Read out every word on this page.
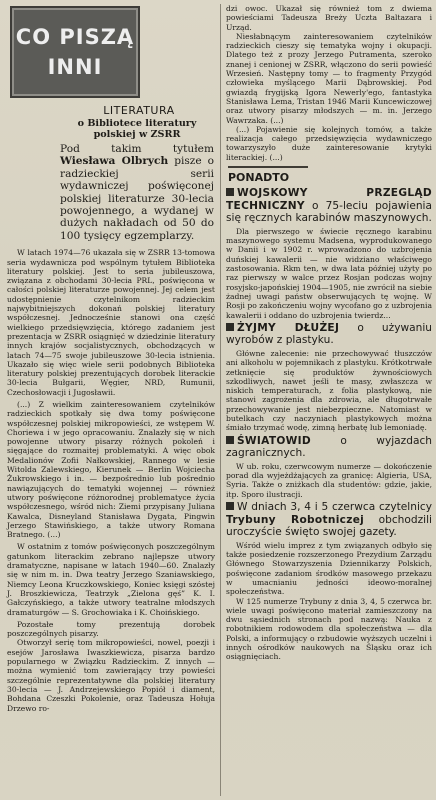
CO PISZĄ
INNI
LITERATURA
o Bibliotece literatury polskiej w ZSRR
Pod takim tytułem Wiesława Olbrych pisze o radzieckiej serii wydawniczej poświęconej polskiej literaturze 30-lecia powojennego, a wydanej w dużych nakładach od 50 do 100 tysięcy egzemplarzy.

W latach 1974—76 ukazała się w ZSRR 13-tomowa seria wydawnicza pod wspólnym tytułem Biblioteka literatury polskiej. Jest to seria jubileuszowa, związana z obchodami 30-lecia PRL, poświęcona w całości polskiej literaturze powojennej. Jej celem jest udostępnienie czytelnikom radzieckim najwybitniejszych dokonań polskiej literatury współczesnej. Jednocześnie stanowi ona część wielkiego przedsięwzięcia, którego zadaniem jest prezentacja w ZSRR osiągnięć w dziedzinie literatury innych krajów socjalistycznych, obchodzących w latach 74—75 swoje jubileuszowe 30-lecia istnienia. Ukazało się więc wiele serii podobnych Biblioteka literatury polskiej prezentujących dorobek literackie 30-lecia Bułgarii, Węgier, NRD, Rumunii, Czechosłowacji i Jugosławii.

(...) Z wielkim zainteresowaniem czytelników radzieckich spotkały się dwa tomy poświęcone współczesnej polskiej mikropowieści, ze wstępem W. Choriewa i w jego opracowaniu. Znalazły się w nich powojenne utwory pisarzy różnych pokoleń i sięgające do rozmaitej problematyki. A więc obok Medalionów Zofii Nałkowskiej, Rannego w lesie Witolda Zalewskiego, Kierunek — Berlin Wojciecha Żukrowskiego i in. — bezpośrednio lub pośrednio nawiązujących do tematyki wojennej — również utwory poświęcone różnorodnej problematyce życia współczesnego, wśród nich: Ziemi przypisany Juliana Kawalca, Disneyland Stanisława Dygata, Pingwin Jerzego Stawińskiego, a także utwory Romana Bratnego. (...)

W ostatnim z tomów poświęconych poszczególnym gatunkom literackim zebrano najlepsze utwory dramatyczne, napisane w latach 1940—60. Znalazły się w nim m. in. Dwa teatry Jerzego Szaniawskiego, Niemcy Leona Kruczkowskiego, Koniec księgi szóstej J. Broszkiewicza, Teatrzyk „Zielona gęś” K. I. Gałczyńskiego, a także utwory teatralne młodszych dramaturgów — S. Grochowiaka i K. Choińskiego.

Pozostałe tomy prezentują dorobek poszczególnych pisarzy.

Otworzył serię tom mikropowieści, nowel, poezji i esejów Jarosława Iwaszkiewicza, pisarza bardzo popularnego w Związku Radzieckim. Z innych — można wymienić tom zawierający trzy powieści szczególnie reprezentatywne dla polskiej literatury 30-lecia — J. Andrzejewskiego Popiół i diament, Bohdana Czeszki Pokolenie, oraz Tadeusza Hołuja Drzewo ro-

dzi owoc. Ukazał się również tom z dwiema powieściami Tadeusza Breży Uczta Baltazara i Urząd.

Niesłabnącym zainteresowaniem czytelników radzieckich cieszy się tematyka wojny i okupacji. Dlatego też z prozy Jerzego Putramenta, szeroko znanej i cenionej w ZSRR, włączono do serii powieść Wrzesień. Następny tomy — to fragmenty Przygód człowieka myślącego Marii Dąbrowskiej. Pod gwiazdą frygijską Igora Newerly'ego, fantastyka Stanisława Lema, Tristan 1946 Marii Kuncewiczowej oraz utwory pisarzy młodszych — m. in. Jerzego Wawrzaka. (...)

(...) Pojawienie się kolejnych tomów, a także realizacja całego przedsięwzięcia wydawniczego towarzyszyło duże zainteresowanie krytyki literackiej. (...)

PONADTO
WOJSKOWY PRZEGLĄD TECHNICZNY o 75-leciu pojawienia się ręcznych karabinów maszynowych.

Dla pierwszego w świecie ręcznego karabinu maszynowego systemu Madsena, wyprodukowanego w Danii i w 1902 r. wprowadzono do uzbrojenia duńskiej kawalerii — nie widziano właściwego zastosowania. Rkm ten, w dwa lata później użyty po raz pierwszy w walce przez Rosjan podczas wojny rosyjsko-japońskiej 1904—1905, nie zwrócił na siebie żadnej uwagi państw obserwujących tę wojnę. W Rosji po zakończeniu wojny wycofano go z uzbrojenia kawalerii i oddano do uzbrojenia twierdz...

ŻYJMY DŁUŻEJ o używaniu wyrobów z plastyku.

Główne zalecenie: nie przechowywać tłuszczów ani alkoholu w pojemnikach z plastyku. Krótkotrwałe zetknięcie się produktów żywnościowych szkodliwych, nawet jeśli te masy, zwłaszcza w niskich temperaturach, z folia plastykową, nie stanowi zagrożenia dla zdrowia, ale długotrwałe przechowywanie jest niebezpieczne. Natomiast w butelkach czy naczyniach plastykowych można śmiało trzymać wodę, zimną herbatę lub lemoniadę.

ŚWIATOWID o wyjazdach zagranicznych.

W ub. roku, czerwcowym numerze — dokończenie porad dla wyjeżdżających za granicę: Algieria, USA, Syria. Także o zniżkach dla studentów: gdzie, jakie, itp. Sporo ilustracji.

W dniach 3, 4 i 5 czerwca czytelnicy Trybuny Robotniczej obchodzili uroczyście święto swojej gazety.

Wśród wielu imprez z tym związanych odbyło się także posiedzenie rozszerzonego Prezydium Zarządu Głównego Stowarzyszenia Dziennikarzy Polskich, poświęcone zadaniom środków masowego przekazu w umacnianiu jedności ideowo-moralnej społeczeństwa.

W 125 numerze Trybuny z dnia 3, 4, 5 czerwca br. wiele uwagi poświęcono materiał zamieszczony na dwu sąsiednich stronach pod nazwą: Nauka z robotnikiem rodowodem dla społeczeństwa — dla Polski, a informujący o rzbudowie wyższych uczelni i innych ośrodków naukowych na Śląsku oraz ich osiągnięciach.
